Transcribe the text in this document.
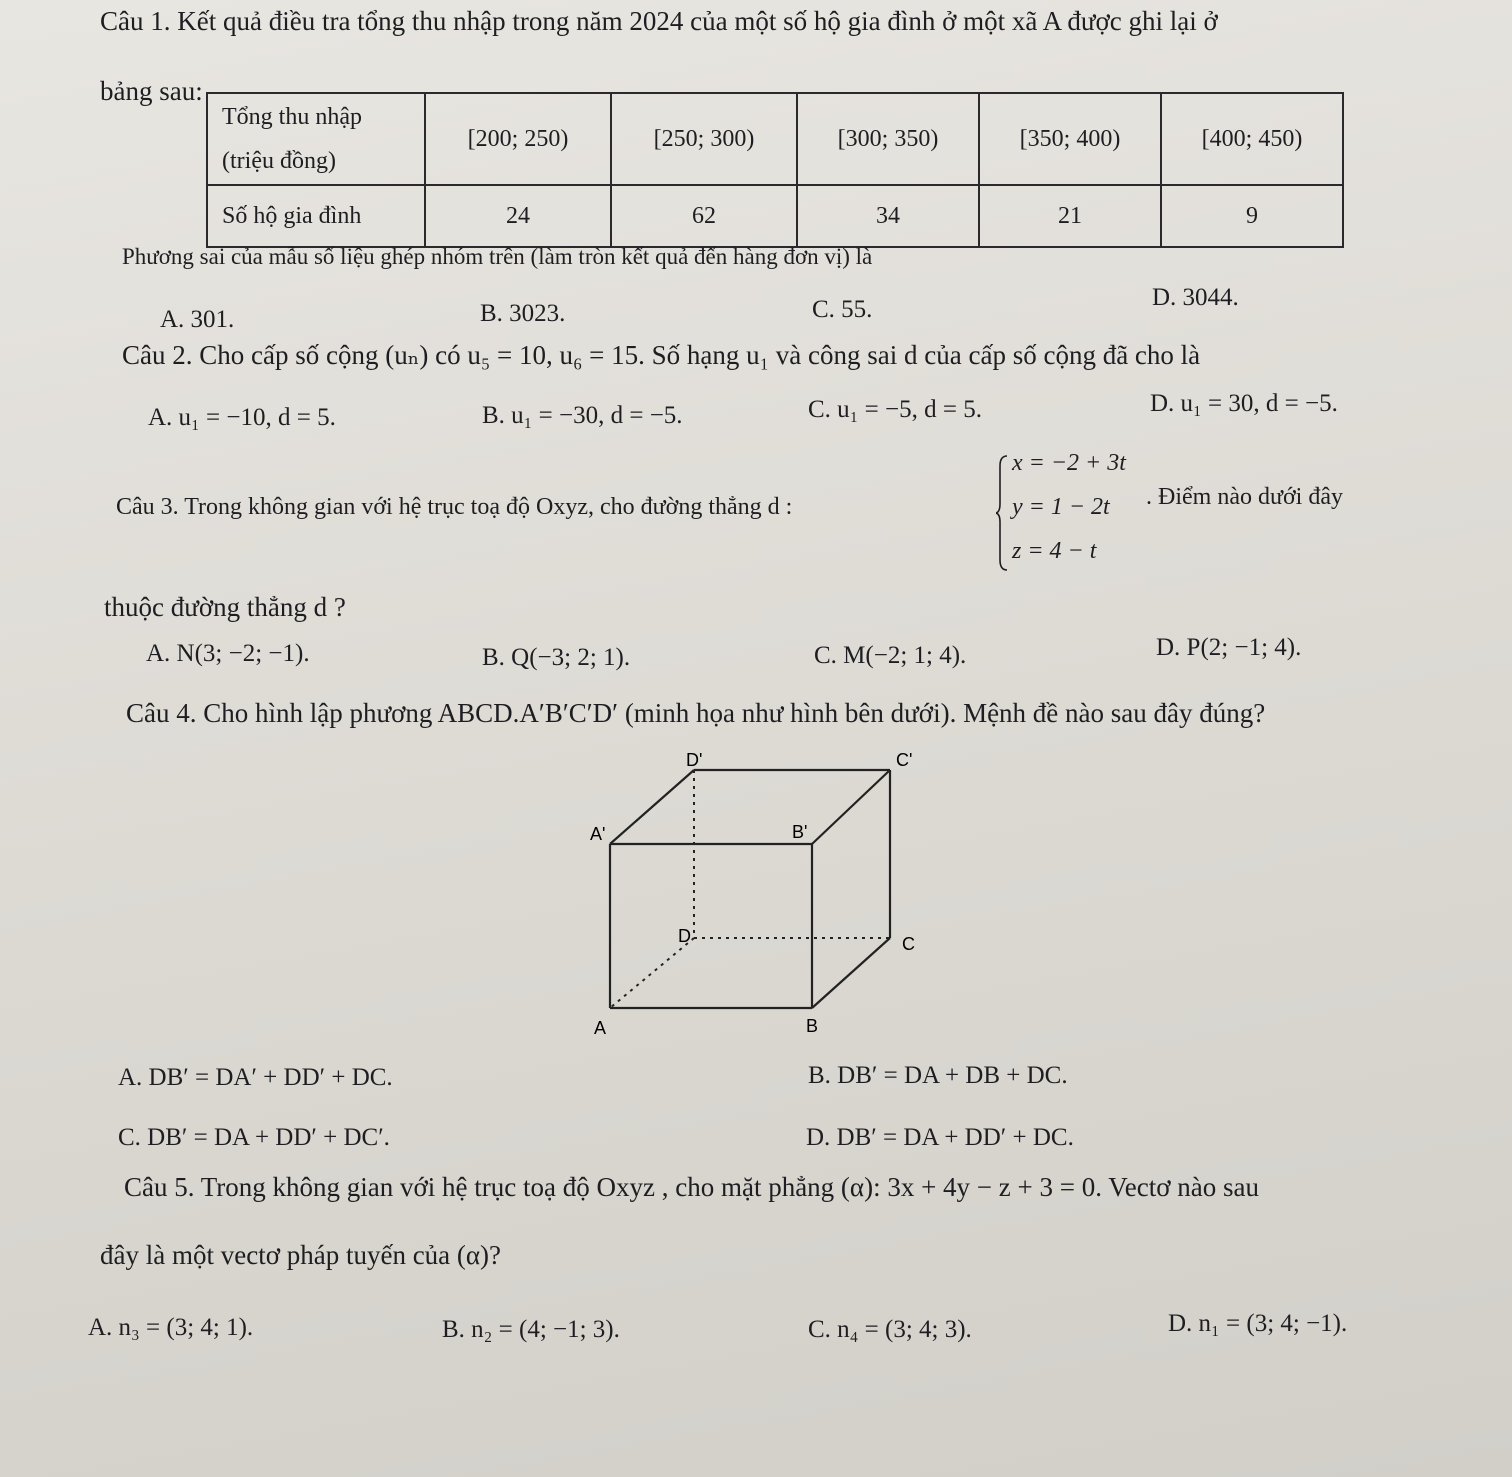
Câu 1. Kết quả điều tra tổng thu nhập trong năm 2024 của một số hộ gia đình ở một xã A được ghi lại ở
bảng sau:
Tổng thu nhập (triệu đồng)	[200; 250)	[250; 300)	[300; 350)	[350; 400)	[400; 450)
Số hộ gia đình	24	62	34	21	9
Phương sai của mẫu số liệu ghép nhóm trên (làm tròn kết quả đến hàng đơn vị) là
A. 301.	B. 3023.	C. 55.	D. 3044.
Câu 2. Cho cấp số cộng (uₙ) có u₅ = 10, u₆ = 15. Số hạng u₁ và công sai d của cấp số cộng đã cho là
A. u₁ = −10, d = 5.	B. u₁ = −30, d = −5.	C. u₁ = −5, d = 5.	D. u₁ = 30, d = −5.
Câu 3. Trong không gian với hệ trục toạ độ Oxyz, cho đường thẳng d :
x = −2 + 3t
y = 1 − 2t
z = 4 − t
. Điểm nào dưới đây
thuộc đường thẳng d ?
A. N(3; −2; −1).	B. Q(−3; 2; 1).	C. M(−2; 1; 4).	D. P(2; −1; 4).
Câu 4. Cho hình lập phương ABCD.A′B′C′D′ (minh họa như hình bên dưới). Mệnh đề nào sau đây đúng?
D'	C'
A'	B'
D	C
A	B
A. DB′ = DA′ + DD′ + DC.	B. DB′ = DA + DB + DC.
C. DB′ = DA + DD′ + DC′.	D. DB′ = DA + DD′ + DC.
Câu 5. Trong không gian với hệ trục toạ độ Oxyz , cho mặt phẳng (α): 3x + 4y − z + 3 = 0. Vectơ nào sau
đây là một vectơ pháp tuyến của (α)?
A. n₃ = (3; 4; 1).	B. n₂ = (4; −1; 3).	C. n₄ = (3; 4; 3).	D. n₁ = (3; 4; −1).
